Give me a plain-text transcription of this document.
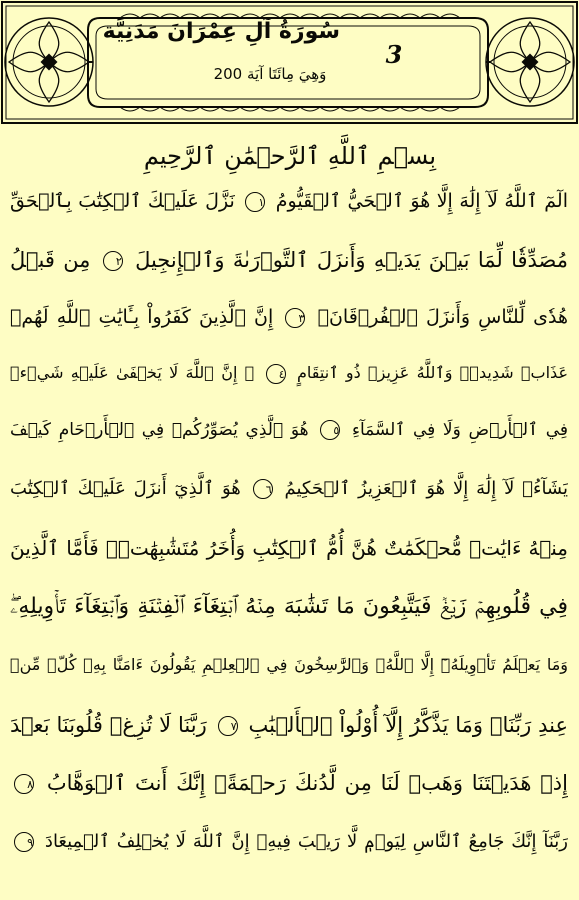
سُورَةُ آلِ عِمْرَانَ مَدَنِيَّة
وَهِيَ مِائَتَا آيَة 200
3
بِسۡمِ ٱللَّهِ ٱلرَّحۡمَٰنِ ٱلرَّحِيمِ
الٓمٓ ٱللَّهُ لَآ إِلَٰهَ إِلَّا هُوَ ٱلۡحَيُّ ٱلۡقَيُّومُ ١ نَزَّلَ عَلَيۡكَ ٱلۡكِتَٰبَ بِٱلۡحَقِّ
مُصَدِّقٗا لِّمَا بَيۡنَ يَدَيۡهِ وَأَنزَلَ ٱلتَّوۡرَىٰةَ وَٱلۡإِنجِيلَ ٢ مِن قَبۡلُ
هُدٗى لِّلنَّاسِ وَأَنزَلَ ٱلۡفُرۡقَانَۗ ٣ إِنَّ ٱلَّذِينَ كَفَرُواْ بِـَٔايَٰتِ ٱللَّهِ لَهُمۡ
عَذَابٞ شَدِيدٞۗ وَٱللَّهُ عَزِيزٞ ذُو ٱنتِقَامٍ ٤ ۞ إِنَّ ٱللَّهَ لَا يَخۡفَىٰ عَلَيۡهِ شَيۡءٞ
فِي ٱلۡأَرۡضِ وَلَا فِي ٱلسَّمَآءِ ٥ هُوَ ٱلَّذِي يُصَوِّرُكُمۡ فِي ٱلۡأَرۡحَامِ كَيۡفَ
يَشَآءُۚ لَآ إِلَٰهَ إِلَّا هُوَ ٱلۡعَزِيزُ ٱلۡحَكِيمُ ٦ هُوَ ٱلَّذِيٓ أَنزَلَ عَلَيۡكَ ٱلۡكِتَٰبَ
مِنۡهُ ءَايَٰتٞ مُّحۡكَمَٰتٌ هُنَّ أُمُّ ٱلۡكِتَٰبِ وَأُخَرُ مُتَشَٰبِهَٰتٞۖ فَأَمَّا ٱلَّذِينَ
فِي قُلُوبِهِمۡ زَيۡغٞ فَيَتَّبِعُونَ مَا تَشَٰبَهَ مِنۡهُ ٱبۡتِغَآءَ ٱلۡفِتۡنَةِ وَٱبۡتِغَآءَ تَأۡوِيلِهِۦۖ
وَمَا يَعۡلَمُ تَأۡوِيلَهُۥٓ إِلَّا ٱللَّهُۗ وَٱلرَّٰسِخُونَ فِي ٱلۡعِلۡمِ يَقُولُونَ ءَامَنَّا بِهِۦ كُلّٞ مِّنۡ
عِندِ رَبِّنَاۗ وَمَا يَذَّكَّرُ إِلَّآ أُوْلُواْ ٱلۡأَلۡبَٰبِ ٧ رَبَّنَا لَا تُزِغۡ قُلُوبَنَا بَعۡدَ
إِذۡ هَدَيۡتَنَا وَهَبۡ لَنَا مِن لَّدُنكَ رَحۡمَةًۚ إِنَّكَ أَنتَ ٱلۡوَهَّابُ ٨
رَبَّنَآ إِنَّكَ جَامِعُ ٱلنَّاسِ لِيَوۡمٖ لَّا رَيۡبَ فِيهِۚ إِنَّ ٱللَّهَ لَا يُخۡلِفُ ٱلۡمِيعَادَ ٩
